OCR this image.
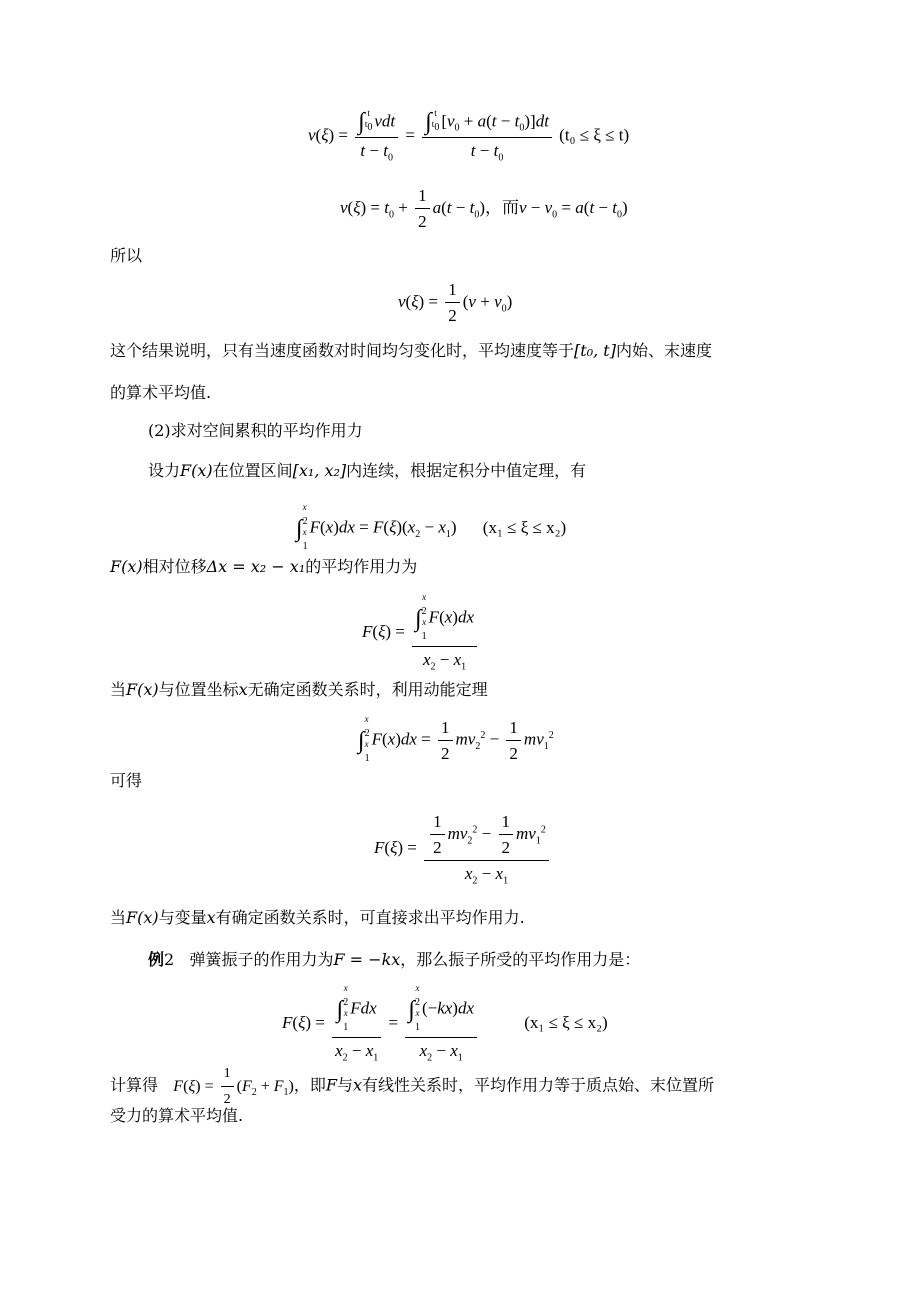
v(ξ) = ∫ t
$t_0$ vdt
$t - t_0$ = ∫ t
$t_0$ $[v_0 + a(t - t_0)]dt$
$t - t_0$ (t₀ ≤ ξ ≤ t)
$v(\xi) = t_0 + \frac{1}{2} a(t - t_0)$，而$v - v_0 = a(t - t_0)$
所以
$v(\xi) = \frac{1}{2} (v + v_0)$
这个结果说明，只有当速度函数对时间均匀变化时，平均速度等于[t₀, t]内始、末速度
的算术平均值.
(2)求对空间累积的平均作用力
设力F(x)在位置区间[x₁, x₂]内连续，根据定积分中值定理，有
∫
x
$_2$
x
$_1$
$F(x)dx = F(\xi)(x_2 - x_1) (x_1 \le \xi \le x_2)$
F(x)相对位移Δx = x₂ − x₁的平均作用力为
F(ξ) = ∫
x
$_2$
x
$_1$
F(x)dx
$x_2 - x_1$
当F(x)与位置坐标x无确定函数关系时，利用动能定理
∫
x
$_2$
x
$_1$
$F(x)dx = \frac{1}{2} mv_2^2 - \frac{1}{2} mv_1^2$
可得
$F(\xi) = \frac{\frac{1}{2} mv_2^2 - \frac{1}{2} mv_1^2}{x_2 - x_1}$
当F(x)与变量x有确定函数关系时，可直接求出平均作用力.
例2 弹簧振子的作用力为F = −kx，那么振子所受的平均作用力是：
F(ξ) = ∫
x
$_2$
x
$_1$
Fdx
$x_2 - x_1$ = ∫
x
$_2$
x
$_1$
(−kx)dx
$x_2 - x_1$	(x₁ ≤ ξ ≤ x₂)
计算得 $F(\xi) = \frac{1}{2} (F_2 + F_1)$，即F与x有线性关系时，平均作用力等于质点始、末位置所
受力的算术平均值.
